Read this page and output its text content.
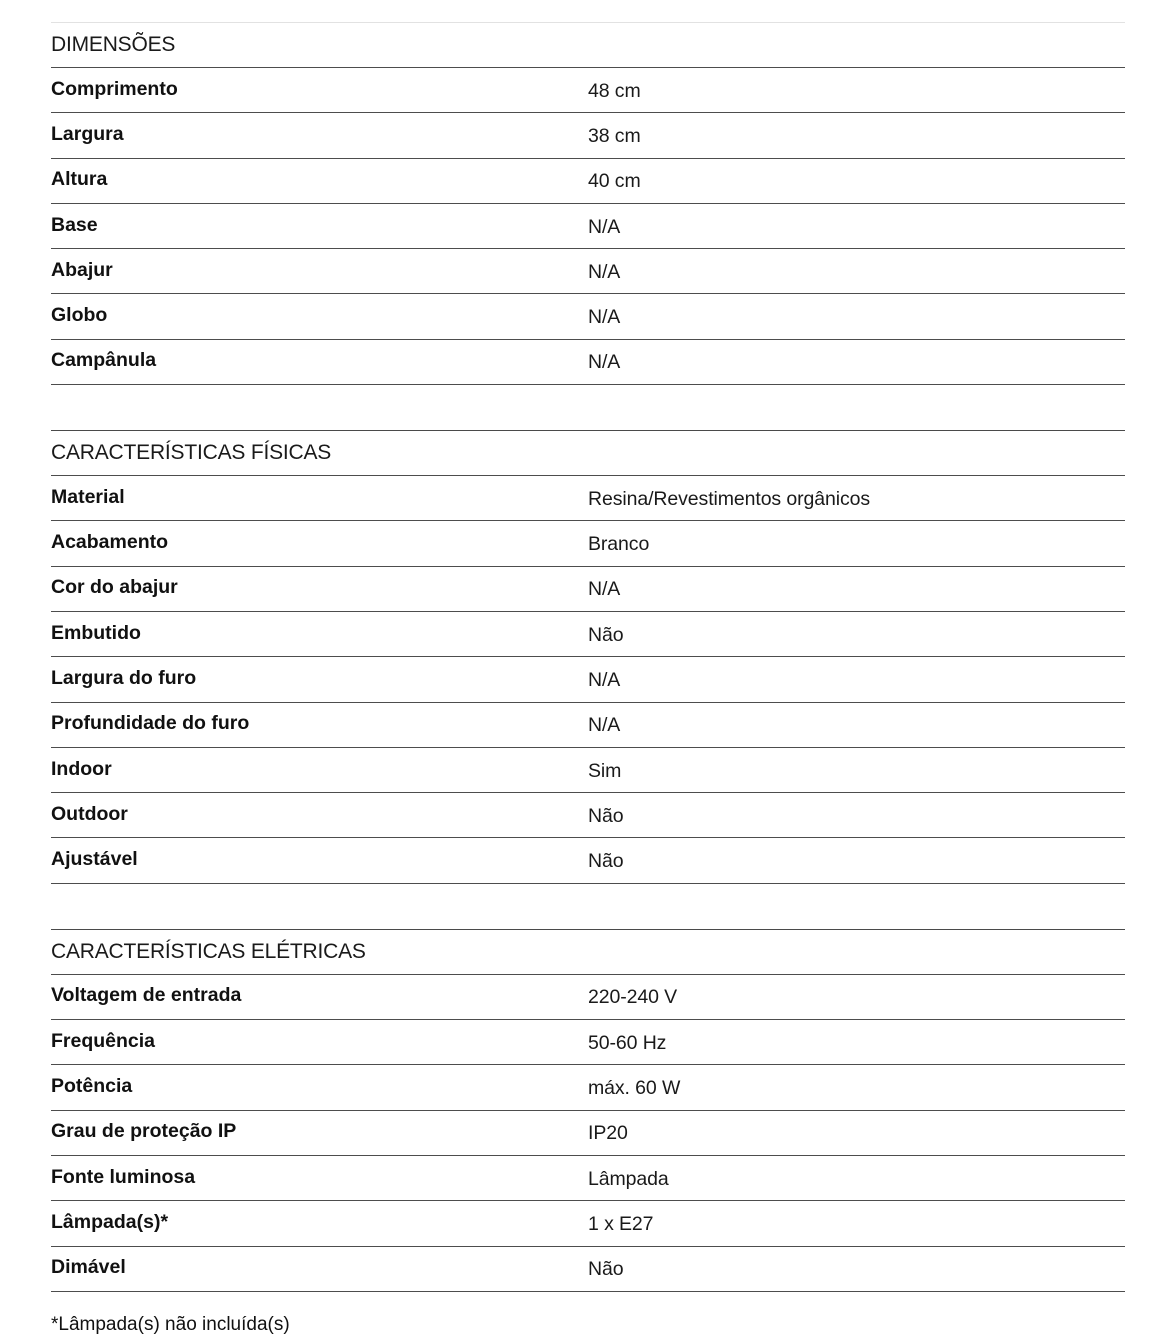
DIMENSÕES
Comprimento	48 cm
Largura	38 cm
Altura	40 cm
Base	N/A
Abajur	N/A
Globo	N/A
Campânula	N/A
CARACTERÍSTICAS FÍSICAS
Material	Resina/Revestimentos orgânicos
Acabamento	Branco
Cor do abajur	N/A
Embutido	Não
Largura do furo	N/A
Profundidade do furo	N/A
Indoor	Sim
Outdoor	Não
Ajustável	Não
CARACTERÍSTICAS ELÉTRICAS
Voltagem de entrada	220-240 V
Frequência	50-60 Hz
Potência	máx. 60 W
Grau de proteção IP	IP20
Fonte luminosa	Lâmpada
Lâmpada(s)*	1 x E27
Dimável	Não
*Lâmpada(s) não incluída(s)
